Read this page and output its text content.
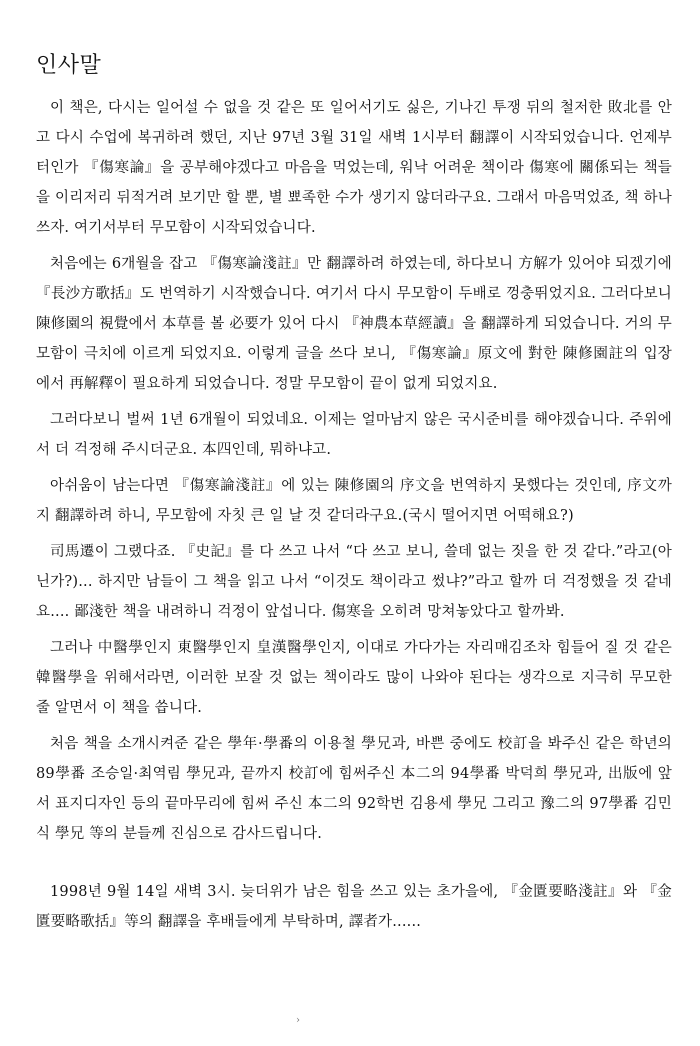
인사말

이 책은, 다시는 일어설 수 없을 것 같은 또 일어서기도 싫은, 기나긴 투쟁 뒤의 철저한 敗北를 안고 다시 수업에 복귀하려 했던, 지난 97년 3월 31일 새벽 1시부터 翻譯이 시작되었습니다. 언제부터인가 『傷寒論』을 공부해야겠다고 마음을 먹었는데, 워낙 어려운 책이라 傷寒에 關係되는 책들을 이리저리 뒤적거려 보기만 할 뿐, 별 뾰족한 수가 생기지 않더라구요. 그래서 마음먹었죠, 책 하나 쓰자. 여기서부터 무모함이 시작되었습니다.

처음에는 6개월을 잡고 『傷寒論淺註』만 翻譯하려 하였는데, 하다보니 方解가 있어야 되겠기에 『長沙方歌括』도 번역하기 시작했습니다. 여기서 다시 무모함이 두배로 껑충뛰었지요. 그러다보니 陳修園의 視覺에서 本草를 볼 必要가 있어 다시 『神農本草經讀』을 翻譯하게 되었습니다. 거의 무모함이 극치에 이르게 되었지요. 이렇게 글을 쓰다 보니, 『傷寒論』原文에 對한 陳修園註의 입장에서 再解釋이 필요하게 되었습니다. 정말 무모함이 끝이 없게 되었지요.

그러다보니 벌써 1년 6개월이 되었네요. 이제는 얼마남지 않은 국시준비를 해야겠습니다. 주위에서 더 걱정해 주시더군요. 本四인데, 뭐하냐고.

아쉬움이 남는다면 『傷寒論淺註』에 있는 陳修園의 序文을 번역하지 못했다는 것인데, 序文까지 翻譯하려 하니, 무모함에 자칫 큰 일 날 것 같더라구요.(국시 떨어지면 어떡해요?)

司馬遷이 그랬다죠. 『史記』를 다 쓰고 나서 “다 쓰고 보니, 쓸데 없는 짓을 한 것 같다.”라고(아닌가?)... 하지만 남들이 그 책을 읽고 나서 “이것도 책이라고 썼냐?”라고 할까 더 걱정했을 것 같네요.... 鄙淺한 책을 내려하니 걱정이 앞섭니다. 傷寒을 오히려 망쳐놓았다고 할까봐.

그러나 中醫學인지 東醫學인지 皇漢醫學인지, 이대로 가다가는 자리매김조차 힘들어 질 것 같은 韓醫學을 위해서라면, 이러한 보잘 것 없는 책이라도 많이 나와야 된다는 생각으로 지극히 무모한 줄 알면서 이 책을 씁니다.

처음 책을 소개시켜준 같은 學年·學番의 이용철 學兄과, 바쁜 중에도 校訂을 봐주신 같은 학년의 89學番 조승일·최역림 學兄과, 끝까지 校訂에 힘써주신 本二의 94學番 박덕희 學兄과, 出版에 앞서 표지디자인 등의 끝마무리에 힘써 주신 本二의 92학번 김용세 學兄 그리고 豫二의 97學番 김민식 學兄 等의 분들께 진심으로 감사드립니다.

1998년 9월 14일 새벽 3시. 늦더위가 남은 힘을 쓰고 있는 초가을에, 『金匱要略淺註』와 『金匱要略歌括』等의 翻譯을 후배들에게 부탁하며, 譯者가......

›
